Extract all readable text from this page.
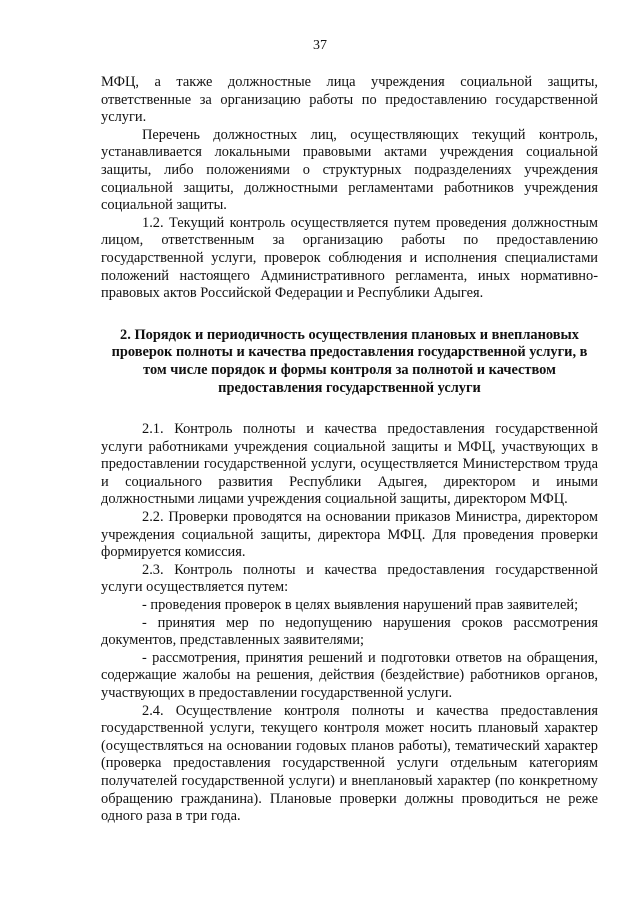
37

МФЦ, а также должностные лица учреждения социальной защиты, ответственные за организацию работы по предоставлению государственной услуги.

Перечень должностных лиц, осуществляющих текущий контроль, устанавливается локальными правовыми актами учреждения социальной защиты, либо положениями о структурных подразделениях учреждения социальной защиты, должностными регламентами работников учреждения социальной защиты.

1.2. Текущий контроль осуществляется путем проведения должностным лицом, ответственным за организацию работы по предоставлению государственной услуги, проверок соблюдения и исполнения специалистами положений настоящего Административного регламента, иных нормативно-правовых актов Российской Федерации и Республики Адыгея.

2. Порядок и периодичность осуществления плановых и внеплановых проверок полноты и качества предоставления государственной услуги, в том числе порядок и формы контроля за полнотой и качеством предоставления государственной услуги

2.1. Контроль полноты и качества предоставления государственной услуги работниками учреждения социальной защиты и МФЦ, участвующих в предоставлении государственной услуги, осуществляется Министерством труда и социального развития Республики Адыгея, директором и иными должностными лицами учреждения социальной защиты, директором МФЦ.

2.2. Проверки проводятся на основании приказов Министра, директором учреждения социальной защиты, директора МФЦ. Для проведения проверки формируется комиссия.

2.3. Контроль полноты и качества предоставления государственной услуги осуществляется путем:

- проведения проверок в целях выявления нарушений прав заявителей;

- принятия мер по недопущению нарушения сроков рассмотрения документов, представленных заявителями;

- рассмотрения, принятия решений и подготовки ответов на обращения, содержащие жалобы на решения, действия (бездействие) работников органов, участвующих в предоставлении государственной услуги.

2.4. Осуществление контроля полноты и качества предоставления государственной услуги, текущего контроля может носить плановый характер (осуществляться на основании годовых планов работы), тематический характер (проверка предоставления государственной услуги отдельным категориям получателей государственной услуги) и внеплановый характер (по конкретному обращению гражданина). Плановые проверки должны проводиться не реже одного раза в три года.
